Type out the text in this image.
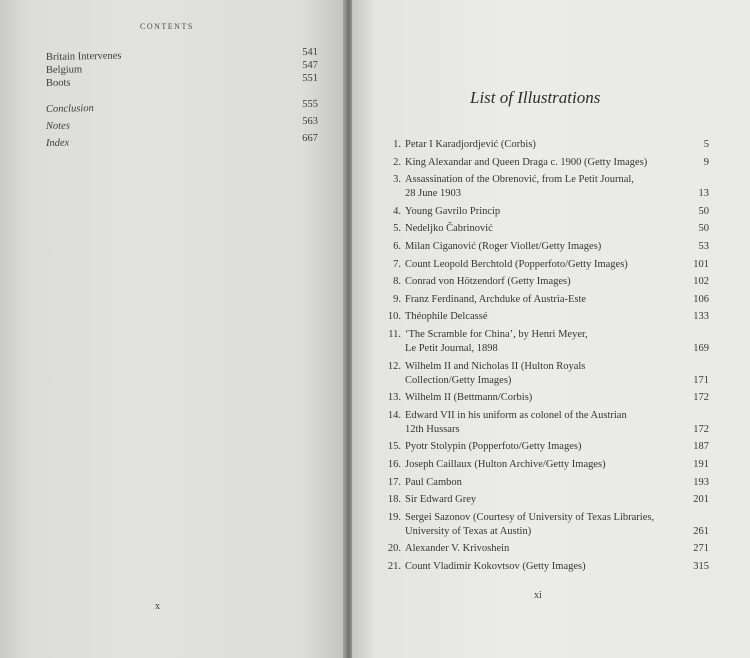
CONTENTS
Britain Intervenes	541
Belgium	547
Boots	551
Conclusion	555
Notes	563
Index	667
x
List of Illustrations
1. Petar I Karadjordjević (Corbis)	5
2. King Alexandar and Queen Draga c. 1900 (Getty Images)	9
3. Assassination of the Obrenović, from Le Petit Journal,
28 June 1903	13
4. Young Gavrilo Princip	50
5. Nedeljko Čabrinović	50
6. Milan Ciganović (Roger Viollet/Getty Images)	53
7. Count Leopold Berchtold (Popperfoto/Getty Images)	101
8. Conrad von Hötzendorf (Getty Images)	102
9. Franz Ferdinand, Archduke of Austria-Este	106
10. Théophile Delcassé	133
11. ‘The Scramble for China’, by Henri Meyer,
Le Petit Journal, 1898	169
12. Wilhelm II and Nicholas II (Hulton Royals
Collection/Getty Images)	171
13. Wilhelm II (Bettmann/Corbis)	172
14. Edward VII in his uniform as colonel of the Austrian
12th Hussars	172
15. Pyotr Stolypin (Popperfoto/Getty Images)	187
16. Joseph Caillaux (Hulton Archive/Getty Images)	191
17. Paul Cambon	193
18. Sir Edward Grey	201
19. Sergei Sazonov (Courtesy of University of Texas Libraries,
University of Texas at Austin)	261
20. Alexander V. Krivoshein	271
21. Count Vladimir Kokovtsov (Getty Images)	315
xi
